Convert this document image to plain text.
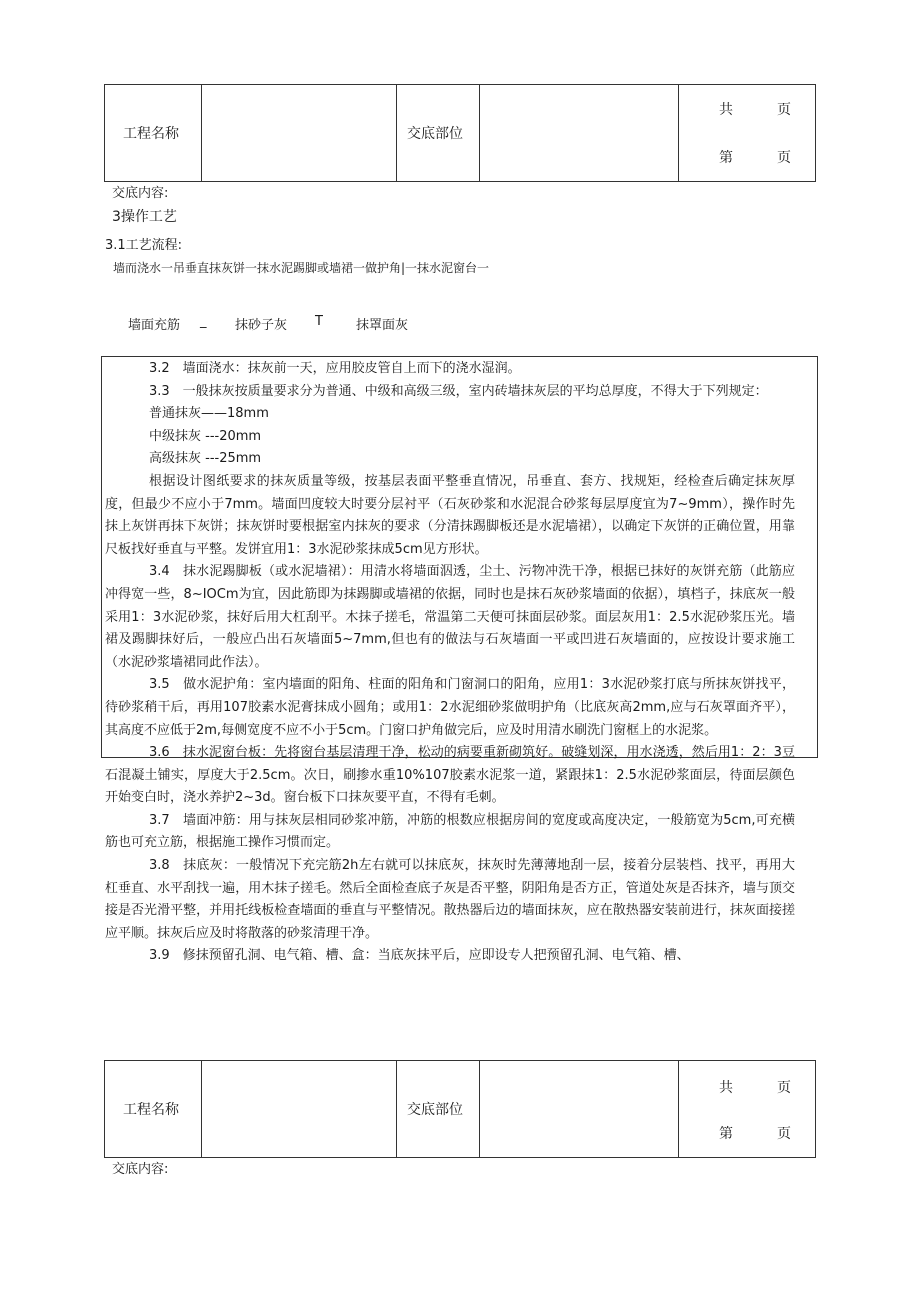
工程名称		交底部位		
共	页
第	页
交底内容:
3操作工艺
3.1工艺流程:
墙而浇水一吊垂直抹灰饼一抹水泥踢脚或墙裙一做护角|一抹水泥窗台一
墙面充筋 _ 抹砂子灰 T	抹罩面灰

3.2　墙面浇水：抹灰前一天，应用胶皮管自上而下的浇水湿润。

3.3　一般抹灰按质量要求分为普通、中级和高级三级，室内砖墙抹灰层的平均总厚度，不得大于下列规定：

普通抹灰——18mm

中级抹灰 ---20mm

高级抹灰 ---25mm

根据设计图纸要求的抹灰质量等级，按基层表面平整垂直情况，吊垂直、套方、找规矩，经检查后确定抹灰厚度，但最少不应小于7mm。墙面凹度较大时要分层衬平（石灰砂浆和水泥混合砂浆每层厚度宜为7~9mm），操作时先抹上灰饼再抹下灰饼；抹灰饼时要根据室内抹灰的要求（分清抹踢脚板还是水泥墙裙），以确定下灰饼的正确位置，用靠尺板找好垂直与平整。发饼宜用1：3水泥砂浆抹成5cm见方形状。

3.4　抹水泥踢脚板（或水泥墙裙）：用清水将墙面泅透，尘土、污物冲洗干净，根据已抹好的灰饼充筋（此筋应冲得宽一些，8~IOCm为宜，因此筋即为抹踢脚或墙裙的依据，同时也是抹石灰砂浆墙面的依据），填档子，抹底灰一般采用1：3水泥砂浆，抹好后用大杠刮平。木抹子搓毛，常温第二天便可抹面层砂浆。面层灰用1：2.5水泥砂浆压光。墙裙及踢脚抹好后，一般应凸出石灰墙面5~7mm,但也有的做法与石灰墙面一平或凹进石灰墙面的，应按设计要求施工（水泥砂浆墙裙同此作法）。

3.5　做水泥护角：室内墙面的阳角、柱面的阳角和门窗洞口的阳角，应用1：3水泥砂浆打底与所抹灰饼找平，待砂浆稍干后，再用107胶素水泥膏抹成小圆角；或用1：2水泥细砂浆做明护角（比底灰高2mm,应与石灰罩面齐平），其高度不应低于2m,每侧宽度不应不小于5cm。门窗口护角做完后，应及时用清水刷洗门窗框上的水泥浆。

3.6　抹水泥窗台板：先将窗台基层清理干净，松动的病要重新砌筑好。破缝划深，用水浇透，然后用1：2：3豆石混凝土铺实，厚度大于2.5cm。次日，刷掺水重10%107胶素水泥浆一道，紧跟抹1：2.5水泥砂浆面层，待面层颜色开始变白时，浇水养护2~3d。窗台板下口抹灰要平直，不得有毛刺。

3.7　墙面冲筋：用与抹灰层相同砂浆冲筋，冲筋的根数应根据房间的宽度或高度决定，一般筋宽为5cm,可充横筋也可充立筋，根据施工操作习惯而定。

3.8　抹底灰：一般情况下充完筋2h左右就可以抹底灰，抹灰时先薄薄地刮一层，接着分层装档、找平，再用大杠垂直、水平刮找一遍，用木抹子搓毛。然后全面检查底子灰是否平整，阴阳角是否方正，管道处灰是否抹齐，墙与顶交接是否光滑平整，并用托线板检查墙面的垂直与平整情况。散热器后边的墙面抹灰，应在散热器安装前进行，抹灰面接搓应平顺。抹灰后应及时将散落的砂浆清理干净。

3.9　修抹预留孔洞、电气箱、槽、盒：当底灰抹平后，应即设专人把预留孔洞、电气箱、槽、

工程名称		交底部位		
共	页
第	页
交底内容:
